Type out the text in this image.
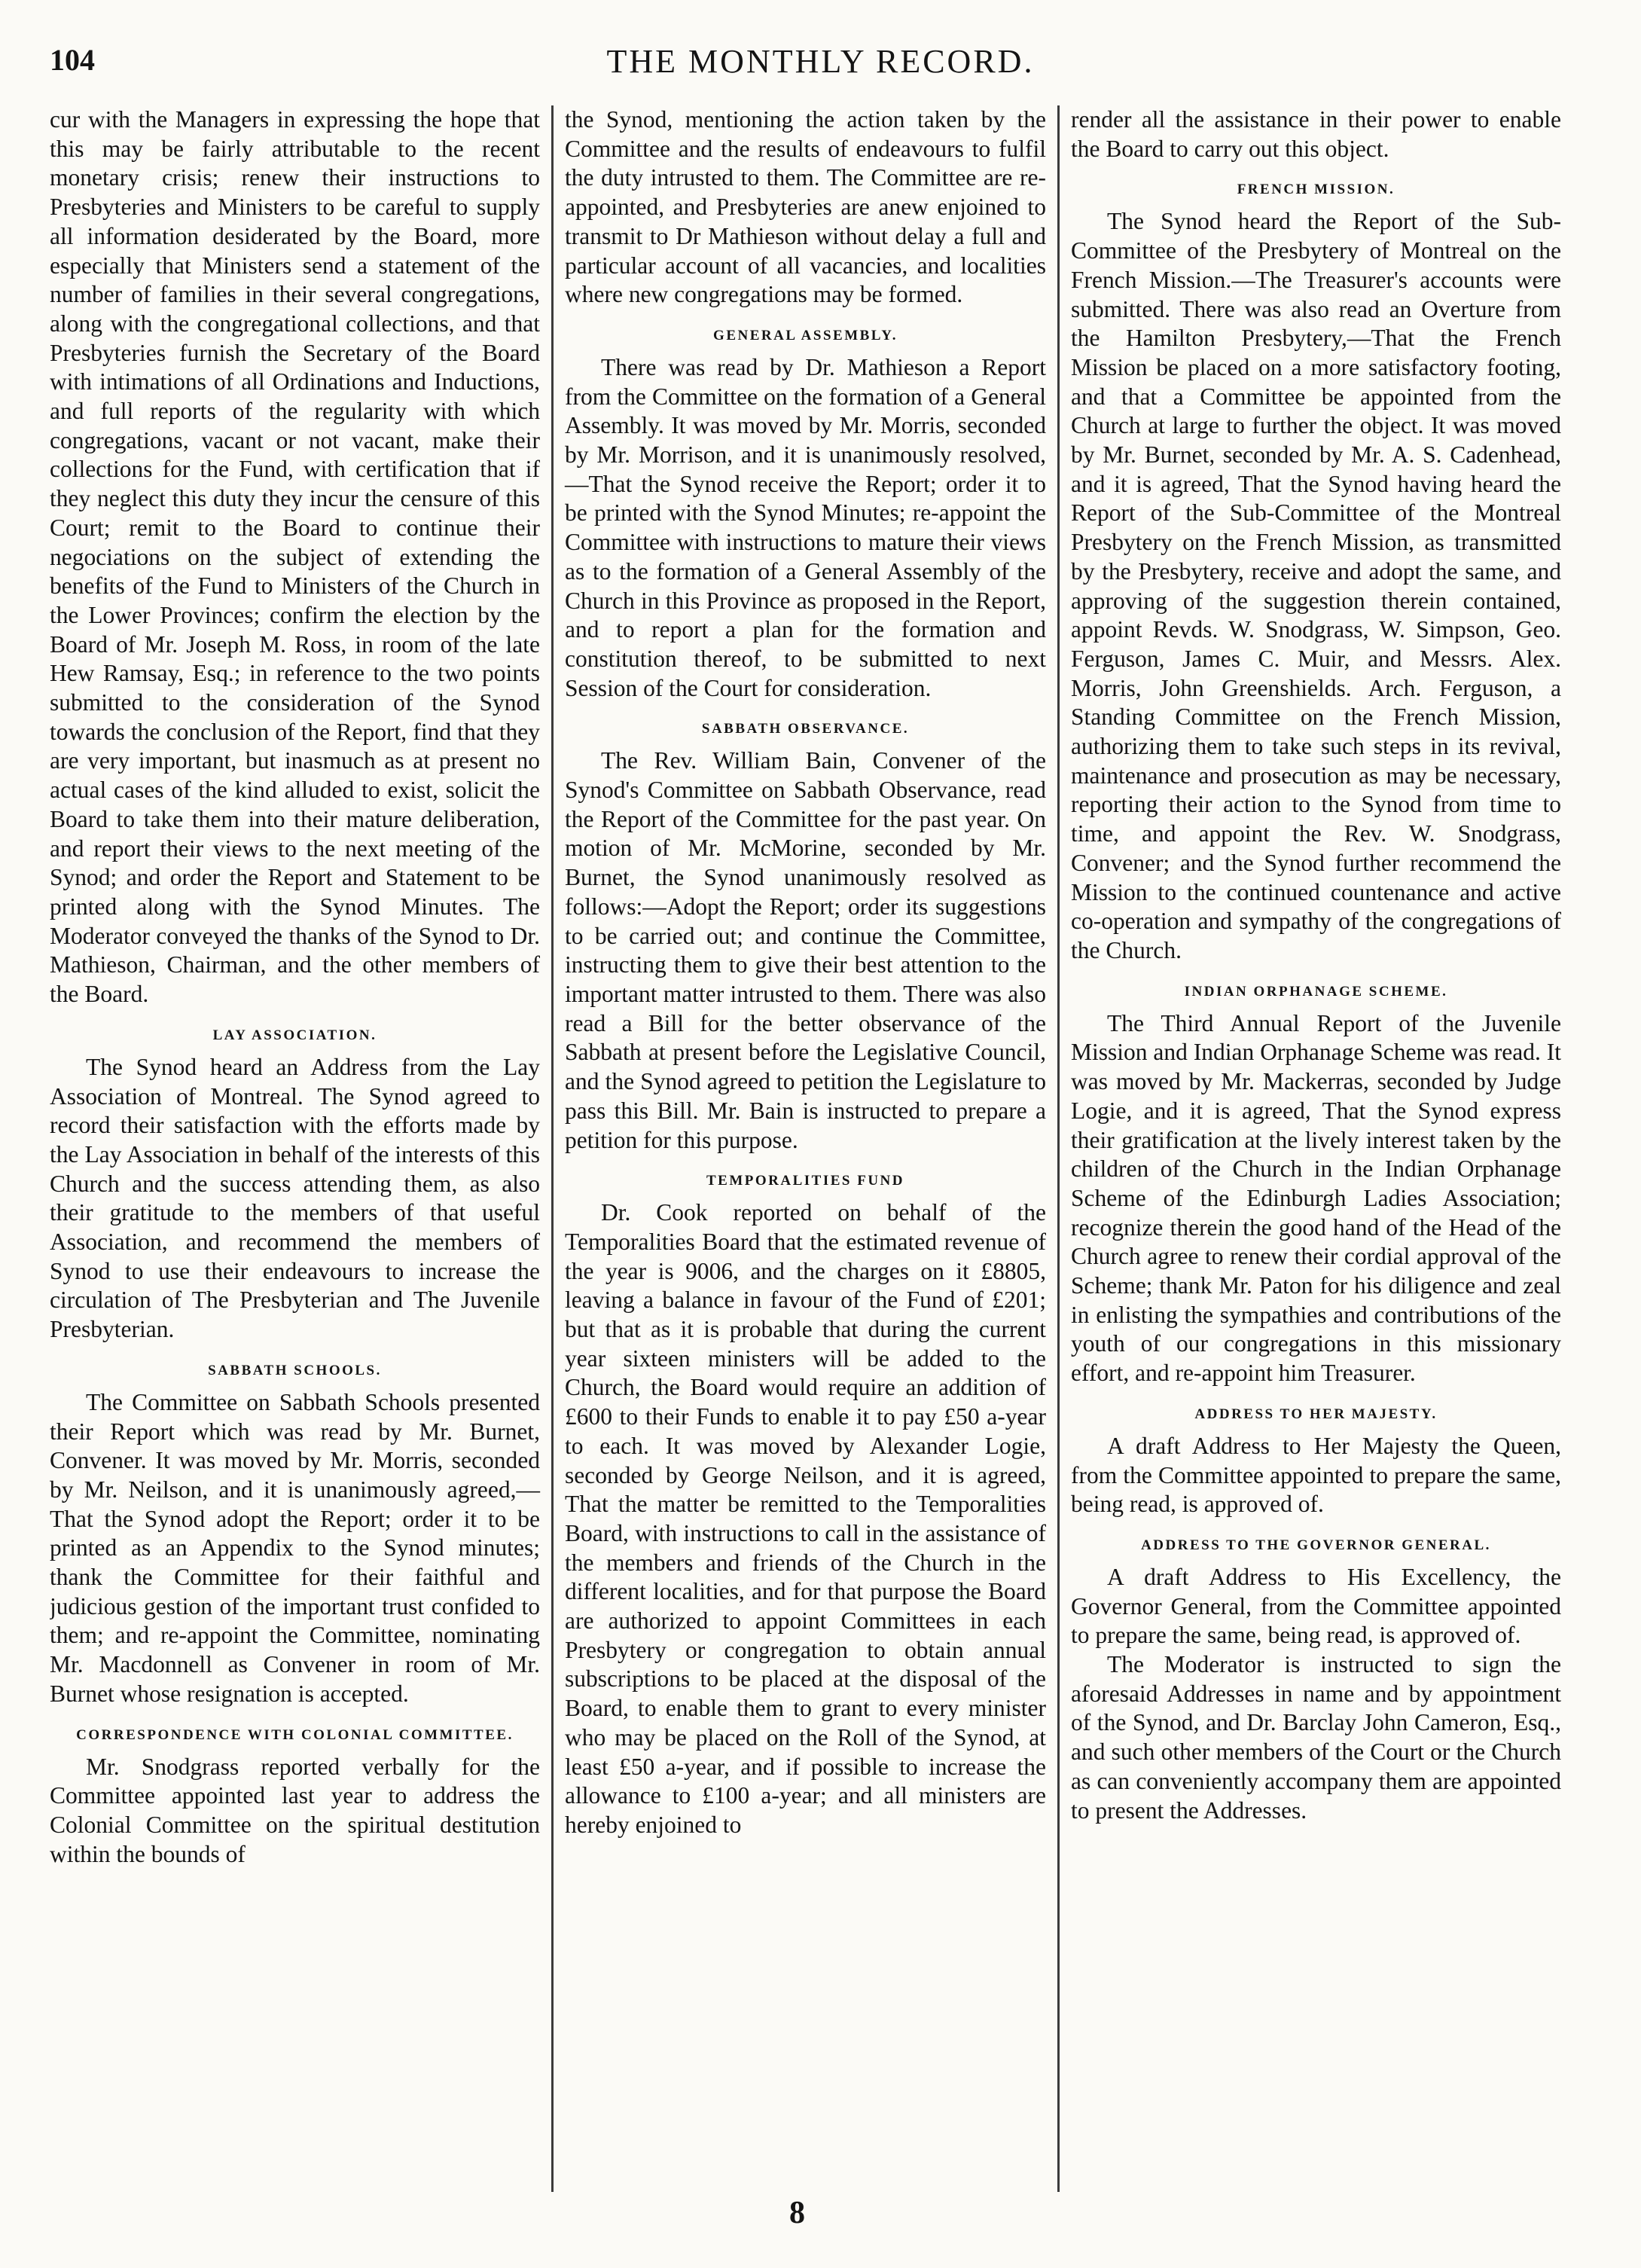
104	THE MONTHLY RECORD.

cur with the Managers in expressing the hope that this may be fairly attributable to the recent monetary crisis; renew their instructions to Presbyteries and Ministers to be careful to supply all information desiderated by the Board, more especially that Ministers send a statement of the number of families in their several congregations, along with the congregational collections, and that Presbyteries furnish the Secretary of the Board with intimations of all Ordinations and Inductions, and full reports of the regularity with which congregations, vacant or not vacant, make their collections for the Fund, with certification that if they neglect this duty they incur the censure of this Court; remit to the Board to continue their negociations on the subject of extending the benefits of the Fund to Ministers of the Church in the Lower Provinces; confirm the election by the Board of Mr. Joseph M. Ross, in room of the late Hew Ramsay, Esq.; in reference to the two points submitted to the consideration of the Synod towards the conclusion of the Report, find that they are very important, but inasmuch as at present no actual cases of the kind alluded to exist, solicit the Board to take them into their mature deliberation, and report their views to the next meeting of the Synod; and order the Report and Statement to be printed along with the Synod Minutes. The Moderator conveyed the thanks of the Synod to Dr. Mathieson, Chairman, and the other members of the Board.

LAY ASSOCIATION.

The Synod heard an Address from the Lay Association of Montreal. The Synod agreed to record their satisfaction with the efforts made by the Lay Association in behalf of the interests of this Church and the success attending them, as also their gratitude to the members of that useful Association, and recommend the members of Synod to use their endeavours to increase the circulation of The Presbyterian and The Juvenile Presbyterian.

SABBATH SCHOOLS.

The Committee on Sabbath Schools presented their Report which was read by Mr. Burnet, Convener. It was moved by Mr. Morris, seconded by Mr. Neilson, and it is unanimously agreed,—That the Synod adopt the Report; order it to be printed as an Appendix to the Synod minutes; thank the Committee for their faithful and judicious gestion of the important trust confided to them; and re-appoint the Committee, nominating Mr. Macdonnell as Convener in room of Mr. Burnet whose resignation is accepted.

CORRESPONDENCE WITH COLONIAL COMMITTEE.

Mr. Snodgrass reported verbally for the Committee appointed last year to address the Colonial Committee on the spiritual destitution within the bounds of

the Synod, mentioning the action taken by the Committee and the results of endeavours to fulfil the duty intrusted to them. The Committee are re-appointed, and Presbyteries are anew enjoined to transmit to Dr Mathieson without delay a full and particular account of all vacancies, and localities where new congregations may be formed.

GENERAL ASSEMBLY.

There was read by Dr. Mathieson a Report from the Committee on the formation of a General Assembly. It was moved by Mr. Morris, seconded by Mr. Morrison, and it is unanimously resolved,—That the Synod receive the Report; order it to be printed with the Synod Minutes; re-appoint the Committee with instructions to mature their views as to the formation of a General Assembly of the Church in this Province as proposed in the Report, and to report a plan for the formation and constitution thereof, to be submitted to next Session of the Court for consideration.

SABBATH OBSERVANCE.

The Rev. William Bain, Convener of the Synod's Committee on Sabbath Observance, read the Report of the Committee for the past year. On motion of Mr. McMorine, seconded by Mr. Burnet, the Synod unanimously resolved as follows:—Adopt the Report; order its suggestions to be carried out; and continue the Committee, instructing them to give their best attention to the important matter intrusted to them. There was also read a Bill for the better observance of the Sabbath at present before the Legislative Council, and the Synod agreed to petition the Legislature to pass this Bill. Mr. Bain is instructed to prepare a petition for this purpose.

TEMPORALITIES FUND

Dr. Cook reported on behalf of the Temporalities Board that the estimated revenue of the year is 9006, and the charges on it £8805, leaving a balance in favour of the Fund of £201; but that as it is probable that during the current year sixteen ministers will be added to the Church, the Board would require an addition of £600 to their Funds to enable it to pay £50 a-year to each. It was moved by Alexander Logie, seconded by George Neilson, and it is agreed, That the matter be remitted to the Temporalities Board, with instructions to call in the assistance of the members and friends of the Church in the different localities, and for that purpose the Board are authorized to appoint Committees in each Presbytery or congregation to obtain annual subscriptions to be placed at the disposal of the Board, to enable them to grant to every minister who may be placed on the Roll of the Synod, at least £50 a-year, and if possible to increase the allowance to £100 a-year; and all ministers are hereby enjoined to

render all the assistance in their power to enable the Board to carry out this object.

FRENCH MISSION.

The Synod heard the Report of the Sub-Committee of the Presbytery of Montreal on the French Mission.—The Treasurer's accounts were submitted. There was also read an Overture from the Hamilton Presbytery,—That the French Mission be placed on a more satisfactory footing, and that a Committee be appointed from the Church at large to further the object. It was moved by Mr. Burnet, seconded by Mr. A. S. Cadenhead, and it is agreed, That the Synod having heard the Report of the Sub-Committee of the Montreal Presbytery on the French Mission, as transmitted by the Presbytery, receive and adopt the same, and approving of the suggestion therein contained, appoint Revds. W. Snodgrass, W. Simpson, Geo. Ferguson, James C. Muir, and Messrs. Alex. Morris, John Greenshields. Arch. Ferguson, a Standing Committee on the French Mission, authorizing them to take such steps in its revival, maintenance and prosecution as may be necessary, reporting their action to the Synod from time to time, and appoint the Rev. W. Snodgrass, Convener; and the Synod further recommend the Mission to the continued countenance and active co-operation and sympathy of the congregations of the Church.

INDIAN ORPHANAGE SCHEME.

The Third Annual Report of the Juvenile Mission and Indian Orphanage Scheme was read. It was moved by Mr. Mackerras, seconded by Judge Logie, and it is agreed, That the Synod express their gratification at the lively interest taken by the children of the Church in the Indian Orphanage Scheme of the Edinburgh Ladies Association; recognize therein the good hand of the Head of the Church agree to renew their cordial approval of the Scheme; thank Mr. Paton for his diligence and zeal in enlisting the sympathies and contributions of the youth of our congregations in this missionary effort, and re-appoint him Treasurer.

ADDRESS TO HER MAJESTY.

A draft Address to Her Majesty the Queen, from the Committee appointed to prepare the same, being read, is approved of.

ADDRESS TO THE GOVERNOR GENERAL.

A draft Address to His Excellency, the Governor General, from the Committee appointed to prepare the same, being read, is approved of.

The Moderator is instructed to sign the aforesaid Addresses in name and by appointment of the Synod, and Dr. Barclay John Cameron, Esq., and such other members of the Court or the Church as can conveniently accompany them are appointed to present the Addresses.

8
